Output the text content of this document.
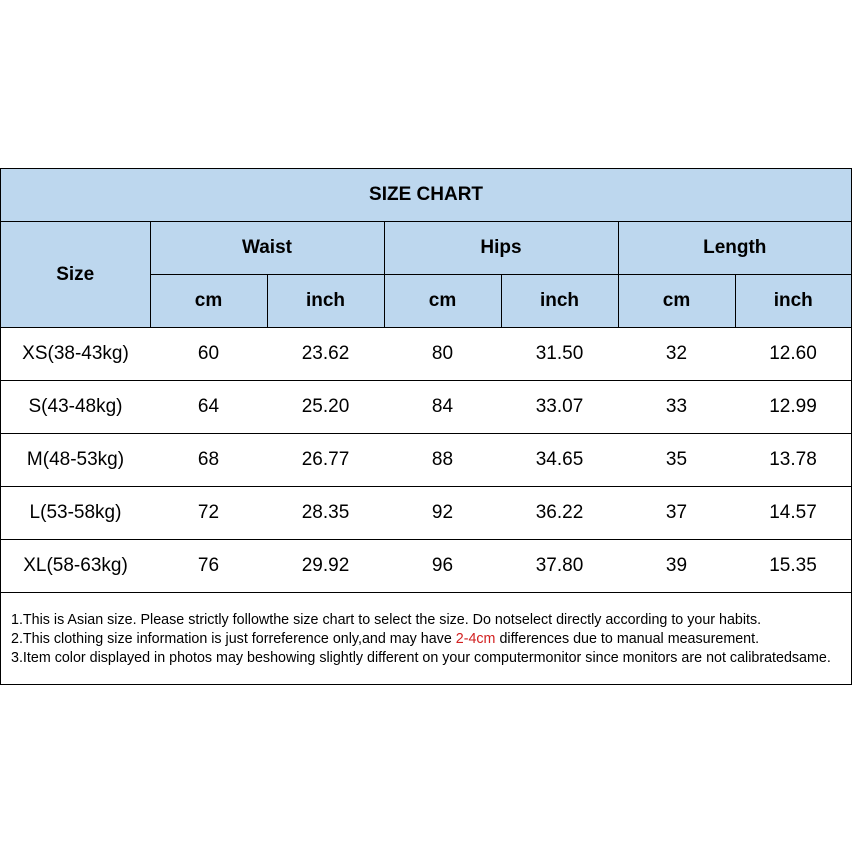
SIZE CHART						
Size	Waist		Hips		Length	
	cm	inch	cm	inch	cm	inch
XS(38-43kg)	60	23.62	80	31.50	32	12.60
S(43-48kg)	64	25.20	84	33.07	33	12.99
M(48-53kg)	68	26.77	88	34.65	35	13.78
L(53-58kg)	72	28.35	92	36.22	37	14.57
XL(58-63kg)	76	29.92	96	37.80	39	15.35
1.This is Asian size. Please strictly followthe size chart to select the size. Do notselect directly according to your habits.
2.This clothing size information is just forreference only,and may have 2-4cm differences due to manual measurement.
3.Item color displayed in photos may beshowing slightly different on your computermonitor since monitors are not calibratedsame.
